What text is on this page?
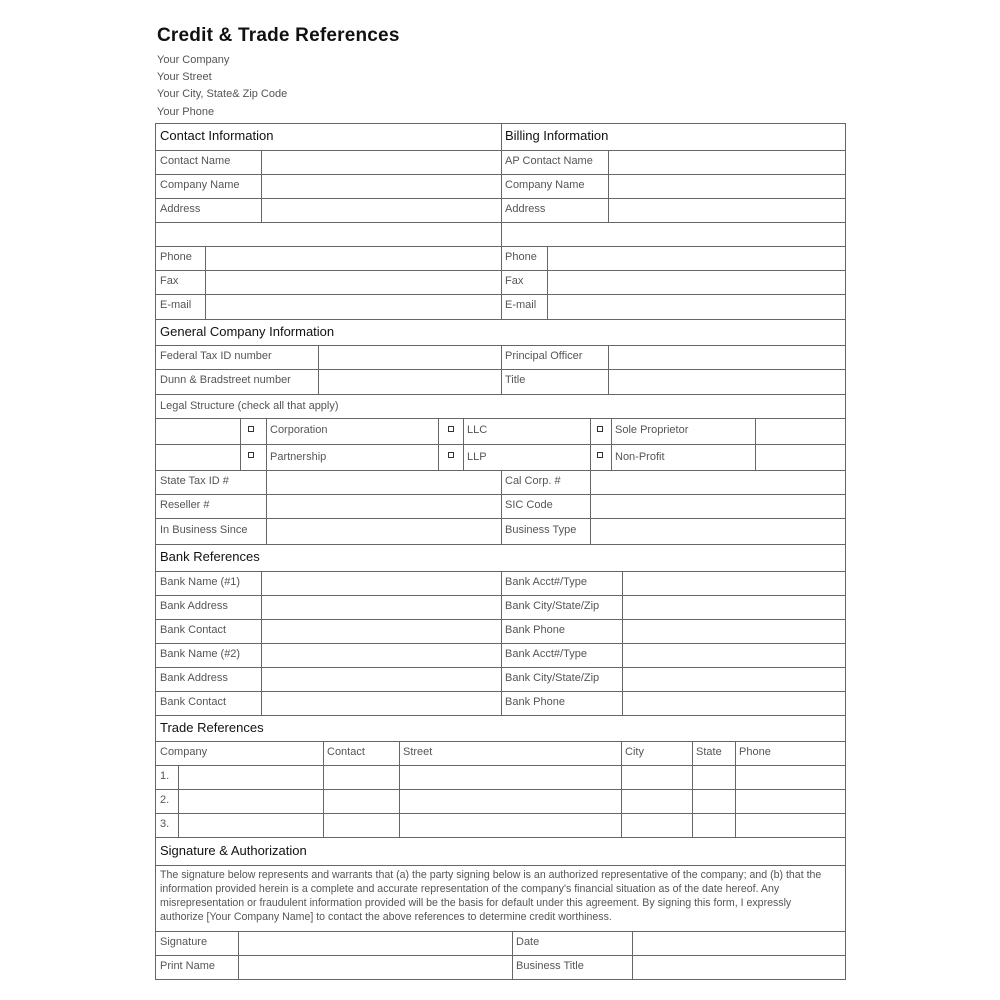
Credit & Trade References
Your Company
Your Street
Your City, State& Zip Code
Your Phone
Contact Information	Billing Information
Contact Name	AP Contact Name
Company Name	Company Name
Address	Address
Phone	Phone
Fax	Fax
E-mail	E-mail
General Company Information
Federal Tax ID number	Principal Officer
Dunn & Bradstreet number	Title
Legal Structure (check all that apply)
Corporation	LLC	Sole Proprietor
Partnership	LLP	Non-Profit
State Tax ID #	Cal Corp. #
Reseller #	SIC Code
In Business Since	Business Type
Bank References
Bank Name (#1)	Bank Acct#/Type
Bank Address	Bank City/State/Zip
Bank Contact	Bank Phone
Bank Name (#2)	Bank Acct#/Type
Bank Address	Bank City/State/Zip
Bank Contact	Bank Phone
Trade References
Company	Contact	Street	City	State	Phone
1.
2.
3.
Signature & Authorization
The signature below represents and warrants that (a) the party signing below is an authorized representative of the company; and (b) that the information provided herein is a complete and accurate representation of the company's financial situation as of the date hereof. Any misrepresentation or fraudulent information provided will be the basis for default under this agreement. By signing this form, I expressly authorize [Your Company Name] to contact the above references to determine credit worthiness.
Signature	Date
Print Name	Business Title
